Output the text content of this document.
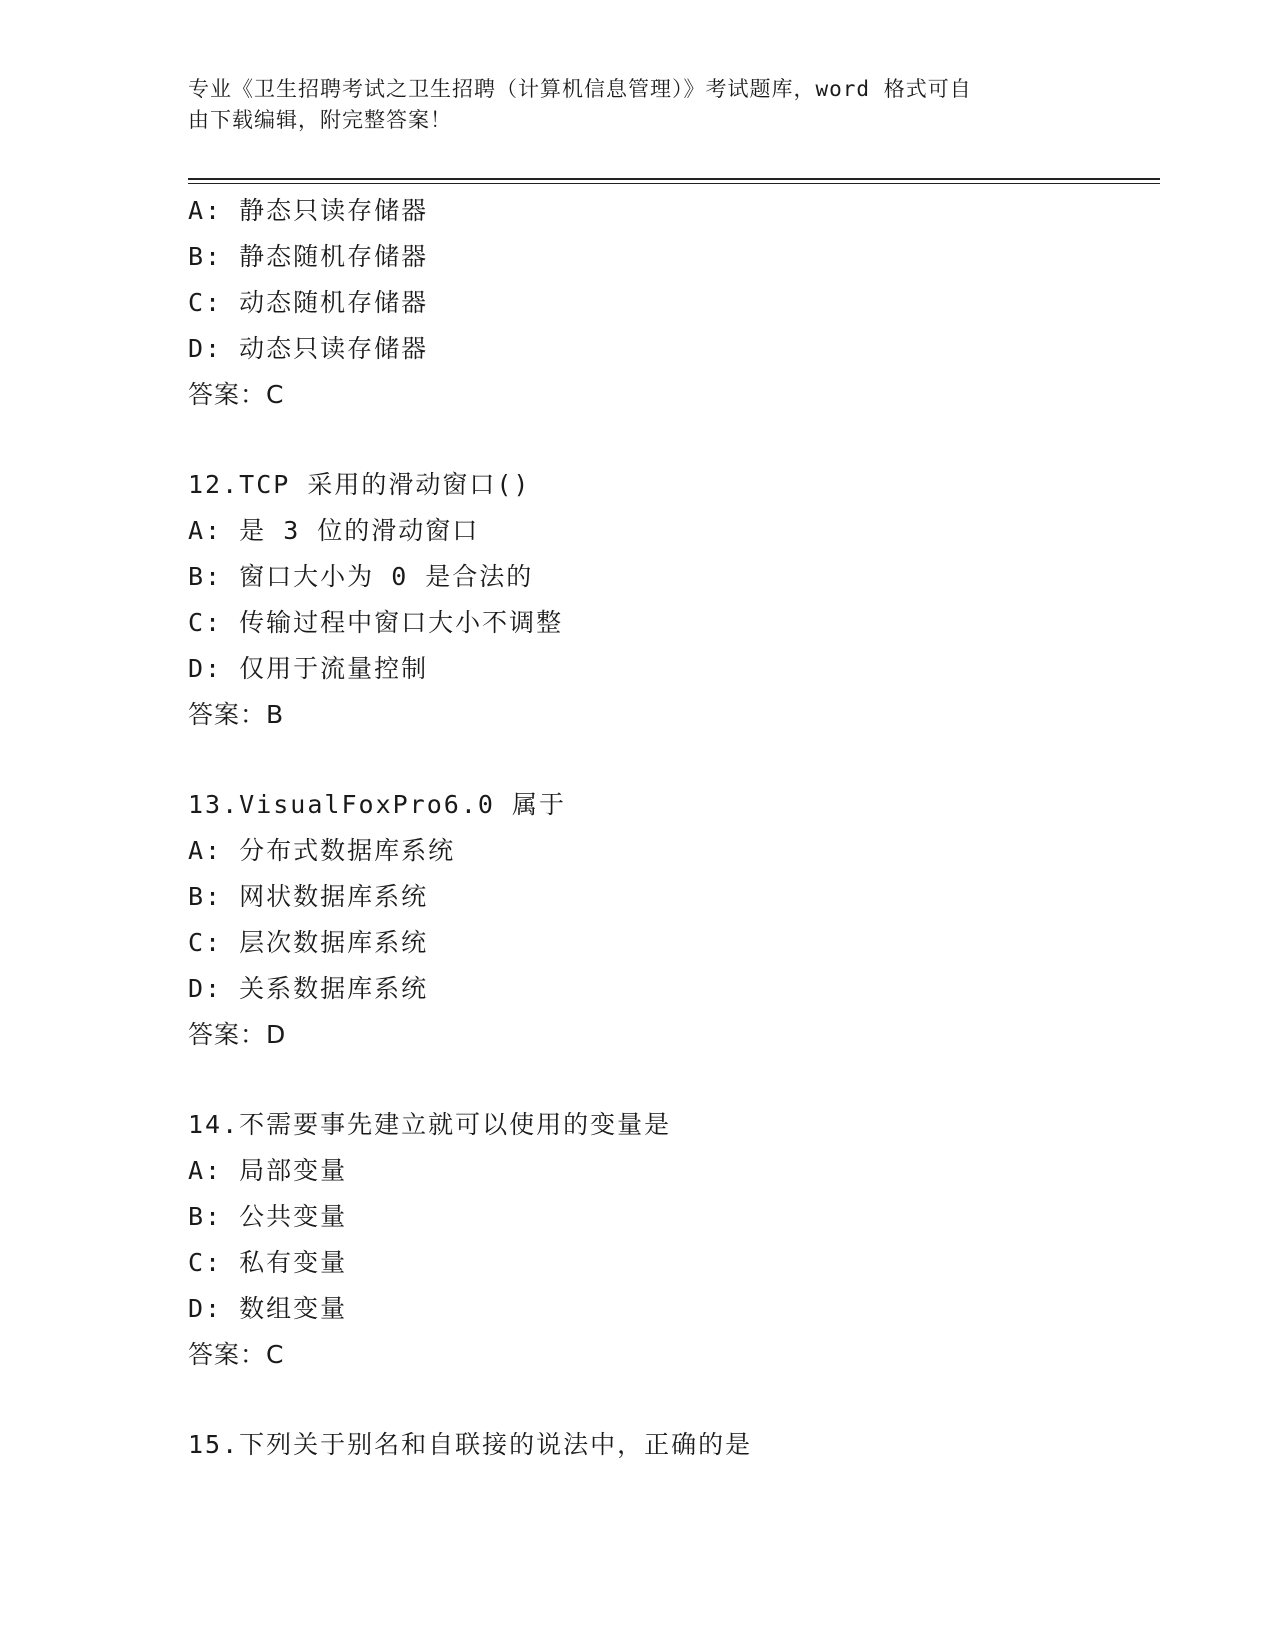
专业《卫生招聘考试之卫生招聘（计算机信息管理）》考试题库，word 格式可自
由下载编辑，附完整答案！
A: 静态只读存储器
B: 静态随机存储器
C: 动态随机存储器
D: 动态只读存储器
答案：C
12.TCP 采用的滑动窗口()
A: 是 3 位的滑动窗口
B: 窗口大小为 0 是合法的
C: 传输过程中窗口大小不调整
D: 仅用于流量控制
答案：B
13.VisualFoxPro6.0 属于
A: 分布式数据库系统
B: 网状数据库系统
C: 层次数据库系统
D: 关系数据库系统
答案：D
14.不需要事先建立就可以使用的变量是
A: 局部变量
B: 公共变量
C: 私有变量
D: 数组变量
答案：C
15.下列关于别名和自联接的说法中，正确的是
